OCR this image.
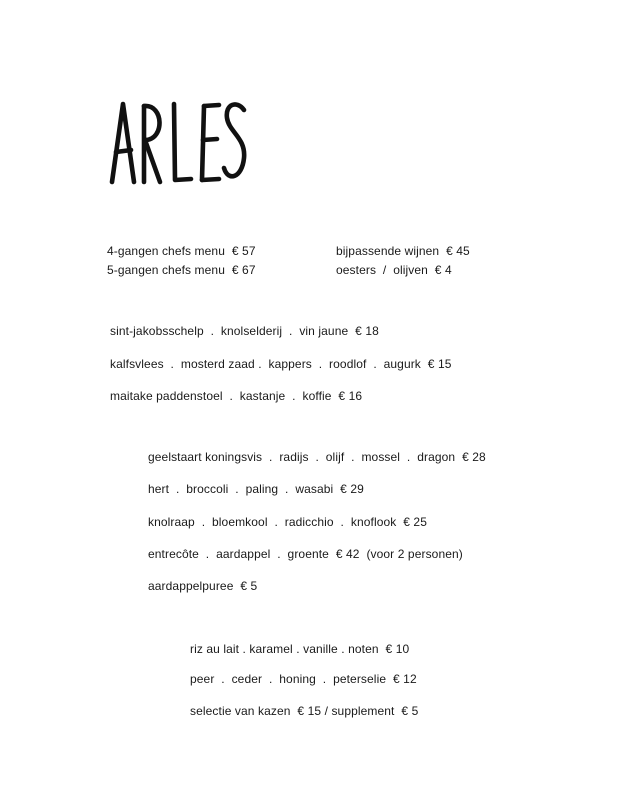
4-gangen chefs menu  € 57
5-gangen chefs menu  € 67
bijpassende wijnen  € 45
oesters  /  olijven  € 4
sint-jakobsschelp  .  knolselderij  .  vin jaune  € 18
kalfsvlees  .  mosterd zaad .  kappers  .  roodlof  .  augurk  € 15
maitake paddenstoel  .  kastanje  .  koffie  € 16
geelstaart koningsvis  .  radijs  .  olijf  .  mossel  .  dragon  € 28
hert  .  broccoli  .  paling  .  wasabi  € 29
knolraap  .  bloemkool  .  radicchio  .  knoflook  € 25
entrecôte  .  aardappel  .  groente  € 42  (voor 2 personen)
aardappelpuree  € 5
riz au lait . karamel . vanille . noten  € 10
peer  .  ceder  .  honing  .  peterselie  € 12
selectie van kazen  € 15 / supplement  € 5
